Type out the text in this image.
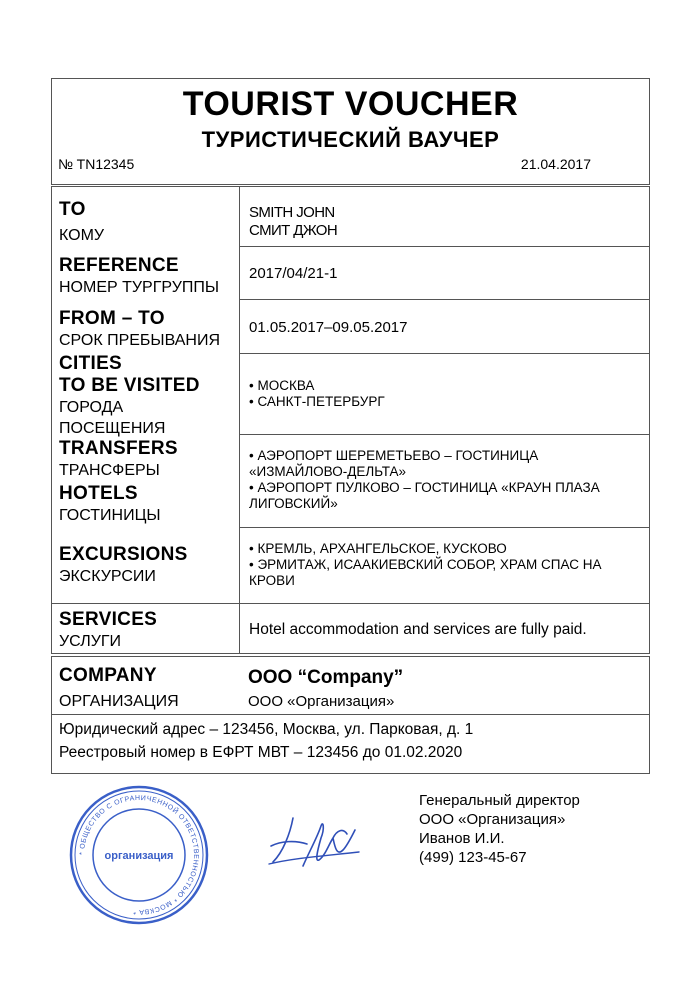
TOURIST VOUCHER
ТУРИСТИЧЕСКИЙ ВАУЧЕР
№ TN12345	21.04.2017
TO
КОМУ
SMITH JOHN
СМИТ ДЖОН
REFERENCE
НОМЕР ТУРГРУППЫ
2017/04/21-1
FROM – TO
СРОК ПРЕБЫВАНИЯ
01.05.2017–09.05.2017
CITIES
TO BE VISITED
ГОРОДА
ПОСЕЩЕНИЯ
• МОСКВА
• САНКТ-ПЕТЕРБУРГ
TRANSFERS
ТРАНСФЕРЫ
HOTELS
ГОСТИНИЦЫ
• АЭРОПОРТ ШЕРЕМЕТЬЕВО – ГОСТИНИЦА
«ИЗМАЙЛОВО-ДЕЛЬТА»
• АЭРОПОРТ ПУЛКОВО – ГОСТИНИЦА «КРАУН ПЛАЗА
ЛИГОВСКИЙ»
EXCURSIONS
ЭКСКУРСИИ
• КРЕМЛЬ, АРХАНГЕЛЬСКОЕ, КУСКОВО
• ЭРМИТАЖ, ИСААКИЕВСКИЙ СОБОР, ХРАМ СПАС НА
КРОВИ
SERVICES
УСЛУГИ
Hotel accommodation and services are fully paid.
COMPANY
ОРГАНИЗАЦИЯ
ООО “Company”
ООО «Организация»
Юридический адрес – 123456, Москва, ул. Парковая, д. 1
Реестровый номер в ЕФРТ МВТ – 123456 до 01.02.2020
* ОБЩЕСТВО С ОГРАНИЧЕННОЙ ОТВЕТСТВЕННОСТЬЮ * МОСКВА *
организация
Генеральный директор
ООО «Организация»
Иванов И.И.
(499) 123-45-67
